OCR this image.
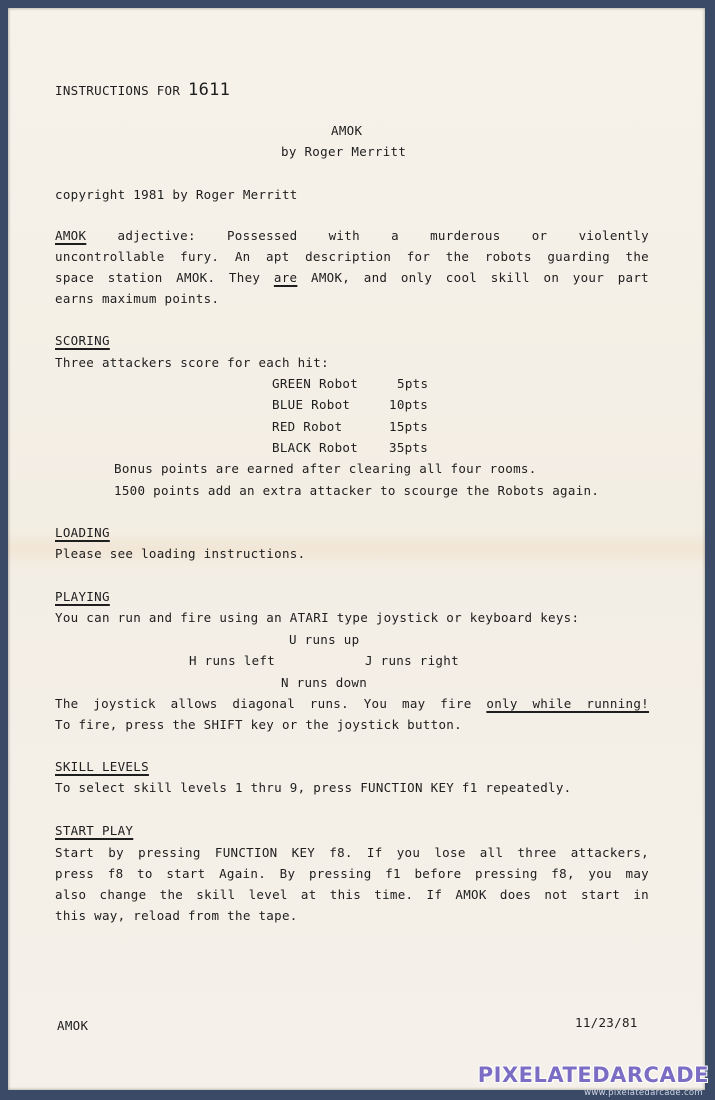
INSTRUCTIONS FOR 1611
AMOK
by Roger Merritt
copyright 1981 by Roger Merritt
AMOK adjective: Possessed with a murderous or violently
uncontrollable fury. An apt description for the robots guarding the
space station AMOK. They are AMOK, and only cool skill on your part
earns maximum points.
SCORING
Three attackers score for each hit:
GREEN Robot	5pts
BLUE Robot	10pts
RED Robot	15pts
BLACK Robot 35pts
Bonus points are earned after clearing all four rooms.
1500 points add an extra attacker to scourge the Robots again.
LOADING
Please see loading instructions.
PLAYING
You can run and fire using an ATARI type joystick or keyboard keys:
U runs up
H runs left	J runs right
N runs down
The joystick allows diagonal runs. You may fire only while running!
To fire, press the SHIFT key or the joystick button.
SKILL LEVELS
To select skill levels 1 thru 9, press FUNCTION KEY f1 repeatedly.
START PLAY
Start by pressing FUNCTION KEY f8. If you lose all three attackers,
press f8 to start Again. By pressing f1 before pressing f8, you may
also change the skill level at this time. If AMOK does not start in
this way, reload from the tape.
AMOK	11/23/81
PIXELATEDARCADE
www.pixelatedarcade.com
